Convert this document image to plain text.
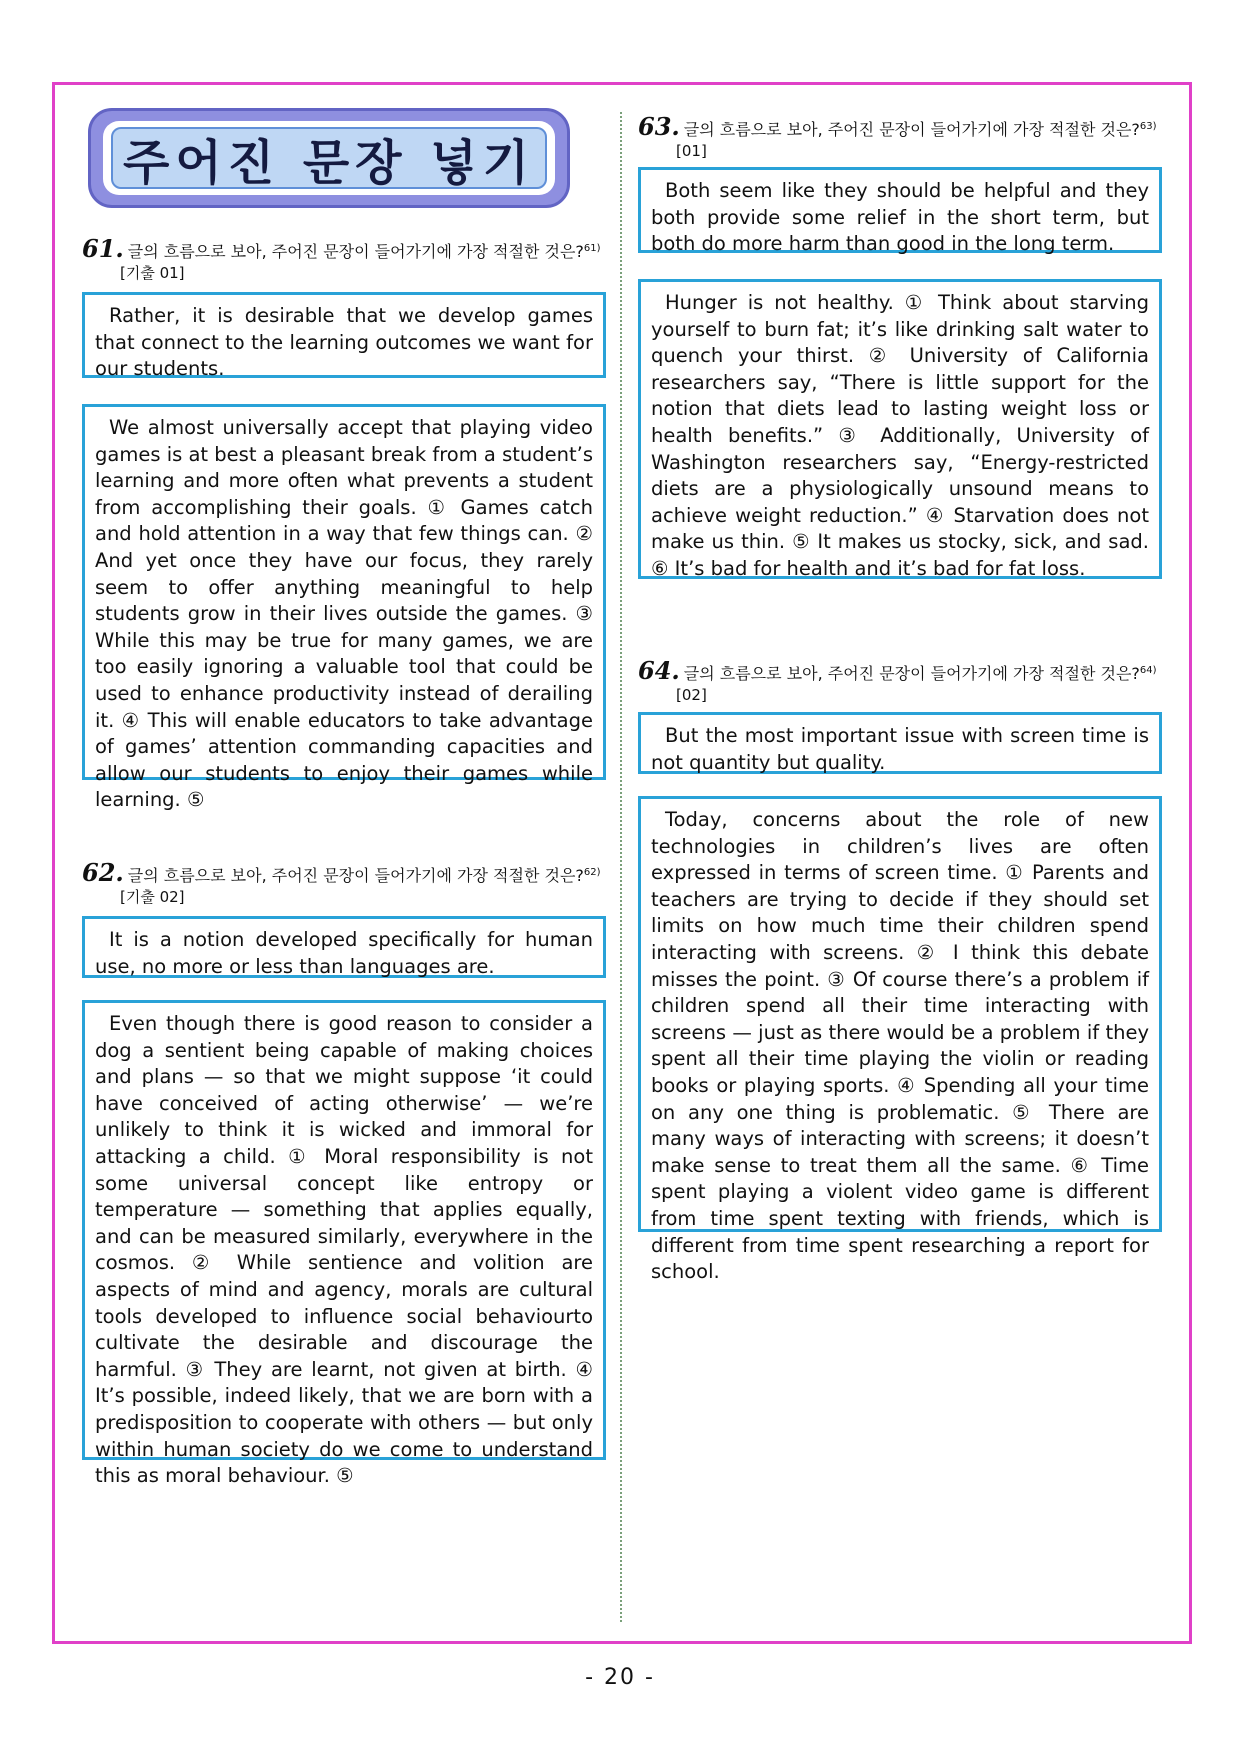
주어진 문장 넣기
61. 글의 흐름으로 보아, 주어진 문장이 들어가기에 가장 적절한 것은?$^{61)}$
[기출 01]

Rather, it is desirable that we develop games that connect to the learning outcomes we want for our students.

We almost universally accept that playing video games is at best a pleasant break from a student’s learning and more often what prevents a student from accomplishing their goals. ① Games catch and hold attention in a way that few things can. ② And yet once they have our focus, they rarely seem to offer anything meaningful to help students grow in their lives outside the games. ③ While this may be true for many games, we are too easily ignoring a valuable tool that could be used to enhance productivity instead of derailing it. ④ This will enable educators to take advantage of games’ attention commanding capacities and allow our students to enjoy their games while learning. ⑤

62. 글의 흐름으로 보아, 주어진 문장이 들어가기에 가장 적절한 것은?$^{62)}$
[기출 02]

It is a notion developed specifically for human use, no more or less than languages are.

Even though there is good reason to consider a dog a sentient being capable of making choices and plans — so that we might suppose ‘it could have conceived of acting otherwise’ — we’re unlikely to think it is wicked and immoral for attacking a child. ① Moral responsibility is not some universal concept like entropy or temperature — something that applies equally, and can be measured similarly, everywhere in the cosmos. ② While sentience and volition are aspects of mind and agency, morals are cultural tools developed to influence social behaviourto cultivate the desirable and discourage the harmful. ③ They are learnt, not given at birth. ④ It’s possible, indeed likely, that we are born with a predisposition to cooperate with others — but only within human society do we come to understand this as moral behaviour. ⑤

63. 글의 흐름으로 보아, 주어진 문장이 들어가기에 가장 적절한 것은?$^{63)}$
[01]

Both seem like they should be helpful and they both provide some relief in the short term, but both do more harm than good in the long term.

Hunger is not healthy. ① Think about starving yourself to burn fat; it’s like drinking salt water to quench your thirst. ② University of California researchers say, “There is little support for the notion that diets lead to lasting weight loss or health benefits.” ③ Additionally, University of Washington researchers say, “Energy-restricted diets are a physiologically unsound means to achieve weight reduction.” ④ Starvation does not make us thin. ⑤ It makes us stocky, sick, and sad. ⑥ It’s bad for health and it’s bad for fat loss.

64. 글의 흐름으로 보아, 주어진 문장이 들어가기에 가장 적절한 것은?$^{64)}$
[02]

But the most important issue with screen time is not quantity but quality.

Today, concerns about the role of new technologies in children’s lives are often expressed in terms of screen time. ① Parents and teachers are trying to decide if they should set limits on how much time their children spend interacting with screens. ② I think this debate misses the point. ③ Of course there’s a problem if children spend all their time interacting with screens — just as there would be a problem if they spent all their time playing the violin or reading books or playing sports. ④ Spending all your time on any one thing is problematic. ⑤ There are many ways of interacting with screens; it doesn’t make sense to treat them all the same. ⑥ Time spent playing a violent video game is different from time spent texting with friends, which is different from time spent researching a report for school.

- 20 -
